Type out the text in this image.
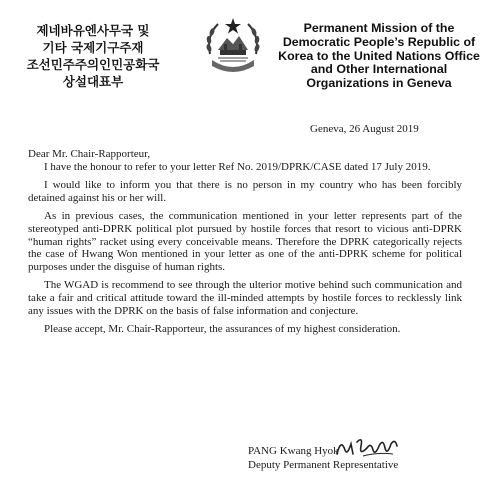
제네바유엔사무국 및
기타 국제기구주재
조선민주주의인민공화국
상설대표부
Permanent Mission of the
Democratic People’s Republic of
Korea to the United Nations Office
and Other International
Organizations in Geneva
Geneva, 26 August 2019

Dear Mr. Chair-Rapporteur,

I have the honour to refer to your letter Ref No. 2019/DPRK/CASE dated 17 July 2019.

I would like to inform you that there is no person in my country who has been forcibly detained against his or her will.

As in previous cases, the communication mentioned in your letter represents part of the stereotyped anti-DPRK political plot pursued by hostile forces that resort to vicious anti-DPRK “human rights” racket using every conceivable means. Therefore the DPRK categorically rejects the case of Hwang Won mentioned in your letter as one of the anti-DPRK scheme for political purposes under the disguise of human rights.

The WGAD is recommend to see through the ulterior motive behind such communication and take a fair and critical attitude toward the ill-minded attempts by hostile forces to recklessly link any issues with the DPRK on the basis of false information and conjecture.

Please accept, Mr. Chair-Rapporteur, the assurances of my highest consideration.

PANG Kwang Hyok
Deputy Permanent Representative
